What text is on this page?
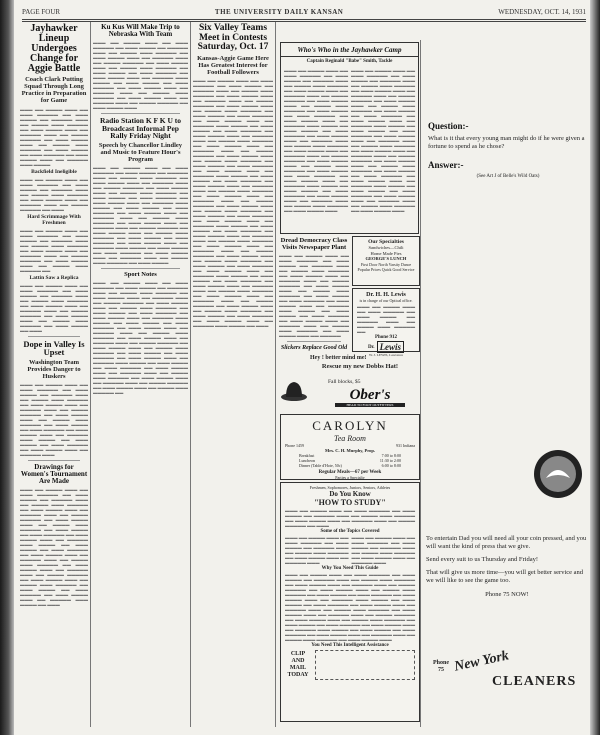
PAGE FOUR	THE UNIVERSITY DAILY KANSAN	WEDNESDAY, OCT. 14, 1931
Jayhawker Lineup Undergoes Change for Aggie Battle
Coach Clark Putting Squad Through Long Practice in Preparation for Game
▬▬▬ ▬▬ ▬▬▬▬ ▬▬▬ ▬▬ ▬▬▬ ▬▬▬▬▬ ▬▬ ▬▬▬ ▬▬▬▬ ▬▬ ▬▬▬▬▬ ▬▬▬ ▬▬ ▬▬▬▬ ▬▬▬ ▬▬▬▬▬ ▬▬ ▬▬▬ ▬▬▬▬ ▬▬▬ ▬▬ ▬▬▬▬▬ ▬▬▬ ▬▬ ▬▬▬▬ ▬▬▬▬▬ ▬▬ ▬▬▬ ▬▬▬▬ ▬▬▬ ▬▬ ▬▬▬▬ ▬▬▬ ▬▬▬▬▬ ▬▬ ▬▬▬ ▬▬▬▬ ▬▬ ▬▬▬ ▬▬▬▬▬ ▬▬ ▬▬▬ ▬▬▬▬ ▬▬▬ ▬▬ ▬▬▬▬▬ ▬▬▬ ▬▬▬▬
Backfield Ineligible
▬▬▬ ▬▬ ▬▬▬▬ ▬▬▬ ▬▬ ▬▬▬ ▬▬▬▬▬ ▬▬ ▬▬▬ ▬▬▬▬ ▬▬ ▬▬▬▬▬ ▬▬▬ ▬▬ ▬▬▬▬ ▬▬▬ ▬▬▬▬▬ ▬▬ ▬▬▬ ▬▬▬▬ ▬▬▬ ▬▬ ▬▬▬▬▬ ▬▬▬ ▬▬ ▬▬▬▬ ▬▬▬▬▬ ▬▬ ▬▬▬
Hard Scrimmage With Freshmen
▬▬▬ ▬▬ ▬▬▬▬ ▬▬▬ ▬▬ ▬▬▬ ▬▬▬▬▬ ▬▬ ▬▬▬ ▬▬▬▬ ▬▬ ▬▬▬▬▬ ▬▬▬ ▬▬ ▬▬▬▬ ▬▬▬ ▬▬▬▬▬ ▬▬ ▬▬▬ ▬▬▬▬ ▬▬▬ ▬▬ ▬▬▬▬▬ ▬▬▬ ▬▬ ▬▬▬▬ ▬▬▬▬▬ ▬▬ ▬▬▬ ▬▬▬▬ ▬▬▬ ▬▬ ▬▬▬▬ ▬▬▬ ▬▬▬▬▬ ▬▬
Lattin Saw a Replica
▬▬▬ ▬▬ ▬▬▬▬ ▬▬▬ ▬▬ ▬▬▬ ▬▬▬▬▬ ▬▬ ▬▬▬ ▬▬▬▬ ▬▬ ▬▬▬▬▬ ▬▬▬ ▬▬ ▬▬▬▬ ▬▬▬ ▬▬▬▬▬ ▬▬ ▬▬▬ ▬▬▬▬ ▬▬▬ ▬▬ ▬▬▬▬▬ ▬▬▬ ▬▬ ▬▬▬▬ ▬▬▬▬▬ ▬▬ ▬▬▬ ▬▬▬▬ ▬▬▬ ▬▬ ▬▬▬▬ ▬▬▬ ▬▬▬▬▬ ▬▬ ▬▬▬ ▬▬▬▬ ▬▬ ▬▬▬
Dope in Valley Is Upset
Washington Team Provides Danger to Huskers
▬▬▬ ▬▬ ▬▬▬▬ ▬▬▬ ▬▬ ▬▬▬ ▬▬▬▬▬ ▬▬ ▬▬▬ ▬▬▬▬ ▬▬ ▬▬▬▬▬ ▬▬▬ ▬▬ ▬▬▬▬ ▬▬▬ ▬▬▬▬▬ ▬▬ ▬▬▬ ▬▬▬▬ ▬▬▬ ▬▬ ▬▬▬▬▬ ▬▬▬ ▬▬ ▬▬▬▬ ▬▬▬▬▬ ▬▬ ▬▬▬ ▬▬▬▬ ▬▬▬ ▬▬ ▬▬▬▬ ▬▬▬ ▬▬▬▬▬ ▬▬ ▬▬▬ ▬▬▬▬ ▬▬ ▬▬▬ ▬▬▬▬▬ ▬▬ ▬▬▬ ▬▬▬▬ ▬▬▬ ▬▬ ▬▬▬▬▬ ▬▬▬ ▬▬▬▬ ▬▬ ▬▬▬ ▬▬▬▬ ▬▬ ▬▬▬ ▬▬▬▬▬ ▬▬ ▬▬▬ ▬▬▬▬ ▬▬▬ ▬▬ ▬▬▬▬▬ ▬▬▬
Drawings for Women's Tournament Are Made
▬▬▬ ▬▬ ▬▬▬▬ ▬▬▬ ▬▬ ▬▬▬ ▬▬▬▬▬ ▬▬ ▬▬▬ ▬▬▬▬ ▬▬ ▬▬▬▬▬ ▬▬▬ ▬▬ ▬▬▬▬ ▬▬▬ ▬▬▬▬▬ ▬▬ ▬▬▬ ▬▬▬▬ ▬▬▬ ▬▬ ▬▬▬▬▬ ▬▬▬ ▬▬ ▬▬▬▬ ▬▬▬▬▬ ▬▬ ▬▬▬ ▬▬▬▬ ▬▬▬ ▬▬ ▬▬▬▬ ▬▬▬ ▬▬▬▬▬ ▬▬ ▬▬▬ ▬▬▬▬ ▬▬ ▬▬▬ ▬▬▬▬▬ ▬▬ ▬▬▬ ▬▬▬▬ ▬▬▬ ▬▬ ▬▬▬▬▬ ▬▬▬ ▬▬▬▬ ▬▬ ▬▬▬ ▬▬▬▬ ▬▬ ▬▬▬ ▬▬▬▬▬ ▬▬ ▬▬▬ ▬▬▬▬ ▬▬▬ ▬▬ ▬▬▬▬▬ ▬▬▬ ▬▬ ▬▬▬▬ ▬▬▬ ▬▬▬▬▬ ▬▬ ▬▬▬ ▬▬▬▬ ▬▬▬ ▬▬ ▬▬▬▬▬ ▬▬▬ ▬▬ ▬▬▬▬ ▬▬▬▬▬ ▬▬ ▬▬▬ ▬▬▬▬ ▬▬▬ ▬▬ ▬▬▬▬ ▬▬▬ ▬▬▬▬▬ ▬▬ ▬▬▬ ▬▬▬▬ ▬▬ ▬▬▬ ▬▬▬▬▬ ▬▬ ▬▬▬ ▬▬▬▬ ▬▬▬ ▬▬ ▬▬▬▬▬ ▬▬▬ ▬▬▬▬ ▬▬ ▬▬▬
Ku Kus Will Make Trip to Nebraska With Team
▬▬▬ ▬▬ ▬▬▬▬ ▬▬▬ ▬▬ ▬▬▬ ▬▬▬▬▬ ▬▬ ▬▬▬ ▬▬▬▬ ▬▬ ▬▬▬▬▬ ▬▬▬ ▬▬ ▬▬▬▬ ▬▬▬ ▬▬▬▬▬ ▬▬ ▬▬▬ ▬▬▬▬ ▬▬▬ ▬▬ ▬▬▬▬▬ ▬▬▬ ▬▬ ▬▬▬▬ ▬▬▬▬▬ ▬▬ ▬▬▬ ▬▬▬▬ ▬▬▬ ▬▬ ▬▬▬▬ ▬▬▬ ▬▬▬▬▬ ▬▬ ▬▬▬ ▬▬▬▬ ▬▬ ▬▬▬ ▬▬▬▬▬ ▬▬ ▬▬▬ ▬▬▬▬ ▬▬▬ ▬▬ ▬▬▬▬▬ ▬▬▬ ▬▬▬▬ ▬▬ ▬▬▬ ▬▬▬▬ ▬▬ ▬▬▬ ▬▬▬▬▬ ▬▬ ▬▬▬ ▬▬▬▬ ▬▬▬ ▬▬ ▬▬▬▬▬ ▬▬▬ ▬▬ ▬▬▬▬ ▬▬▬ ▬▬▬▬▬ ▬▬ ▬▬▬ ▬▬▬▬ ▬▬▬ ▬▬ ▬▬▬▬▬ ▬▬▬ ▬▬ ▬▬▬▬ ▬▬▬▬▬ ▬▬ ▬▬▬ ▬▬▬▬ ▬▬▬
Radio Station K F K U to Broadcast Informal Pep Rally Friday Night
Speech by Chancellor Lindley and Music to Feature Hour's Program
▬▬▬ ▬▬ ▬▬▬▬ ▬▬▬ ▬▬ ▬▬▬ ▬▬▬▬▬ ▬▬ ▬▬▬ ▬▬▬▬ ▬▬ ▬▬▬▬▬ ▬▬▬ ▬▬ ▬▬▬▬ ▬▬▬ ▬▬▬▬▬ ▬▬ ▬▬▬ ▬▬▬▬ ▬▬▬ ▬▬ ▬▬▬▬▬ ▬▬▬ ▬▬ ▬▬▬▬ ▬▬▬▬▬ ▬▬ ▬▬▬ ▬▬▬▬ ▬▬▬ ▬▬ ▬▬▬▬ ▬▬▬ ▬▬▬▬▬ ▬▬ ▬▬▬ ▬▬▬▬ ▬▬ ▬▬▬ ▬▬▬▬▬ ▬▬ ▬▬▬ ▬▬▬▬ ▬▬▬ ▬▬ ▬▬▬▬▬ ▬▬▬ ▬▬▬▬ ▬▬ ▬▬▬ ▬▬▬▬ ▬▬ ▬▬▬ ▬▬▬▬▬ ▬▬ ▬▬▬ ▬▬▬▬ ▬▬▬ ▬▬ ▬▬▬▬▬ ▬▬▬ ▬▬ ▬▬▬▬ ▬▬▬ ▬▬▬▬▬ ▬▬ ▬▬▬ ▬▬▬▬ ▬▬▬ ▬▬ ▬▬▬▬▬ ▬▬▬ ▬▬ ▬▬▬▬ ▬▬▬▬▬ ▬▬ ▬▬▬ ▬▬▬▬ ▬▬▬ ▬▬ ▬▬▬▬ ▬▬▬ ▬▬▬▬▬ ▬▬ ▬▬▬ ▬▬▬▬ ▬▬ ▬▬▬ ▬▬▬▬▬ ▬▬ ▬▬▬ ▬▬▬▬ ▬▬▬ ▬▬ ▬▬▬▬▬ ▬▬▬ ▬▬▬▬ ▬▬ ▬▬▬ ▬▬▬▬ ▬▬ ▬▬▬ ▬▬▬▬▬ ▬▬ ▬▬▬ ▬▬▬▬ ▬▬▬ ▬▬ ▬▬▬▬▬ ▬▬▬ ▬▬ ▬▬▬▬ ▬▬▬ ▬▬▬▬▬ ▬▬ ▬▬▬ ▬▬▬▬
Sport Notes
▬▬▬ ▬▬ ▬▬▬▬ ▬▬▬ ▬▬ ▬▬▬ ▬▬▬▬▬ ▬▬ ▬▬▬ ▬▬▬▬ ▬▬ ▬▬▬▬▬ ▬▬▬ ▬▬ ▬▬▬▬ ▬▬▬ ▬▬▬▬▬ ▬▬ ▬▬▬ ▬▬▬▬ ▬▬▬ ▬▬ ▬▬▬▬▬ ▬▬▬ ▬▬ ▬▬▬▬ ▬▬▬▬▬ ▬▬ ▬▬▬ ▬▬▬▬ ▬▬▬ ▬▬ ▬▬▬▬ ▬▬▬ ▬▬▬▬▬ ▬▬ ▬▬▬ ▬▬▬▬ ▬▬ ▬▬▬ ▬▬▬▬▬ ▬▬ ▬▬▬ ▬▬▬▬ ▬▬▬ ▬▬ ▬▬▬▬▬ ▬▬▬ ▬▬▬▬ ▬▬ ▬▬▬ ▬▬▬▬ ▬▬ ▬▬▬ ▬▬▬▬▬ ▬▬ ▬▬▬ ▬▬▬▬ ▬▬▬ ▬▬ ▬▬▬▬▬ ▬▬▬ ▬▬ ▬▬▬▬ ▬▬▬ ▬▬▬▬▬ ▬▬ ▬▬▬ ▬▬▬▬ ▬▬▬ ▬▬ ▬▬▬▬▬ ▬▬▬ ▬▬ ▬▬▬▬ ▬▬▬▬▬ ▬▬ ▬▬▬ ▬▬▬▬ ▬▬▬ ▬▬ ▬▬▬▬ ▬▬▬ ▬▬▬▬▬ ▬▬ ▬▬▬ ▬▬▬▬ ▬▬ ▬▬▬ ▬▬▬▬▬ ▬▬ ▬▬▬ ▬▬▬▬ ▬▬▬ ▬▬ ▬▬▬▬▬ ▬▬▬ ▬▬▬▬ ▬▬ ▬▬▬ ▬▬▬▬ ▬▬ ▬▬▬ ▬▬▬▬▬ ▬▬ ▬▬▬ ▬▬▬▬ ▬▬▬ ▬▬ ▬▬▬▬▬ ▬▬▬ ▬▬ ▬▬▬▬ ▬▬▬ ▬▬▬▬▬ ▬▬ ▬▬▬ ▬▬▬▬ ▬▬▬ ▬▬ ▬▬▬▬▬ ▬▬▬ ▬▬ ▬▬▬▬ ▬▬▬▬▬ ▬▬ ▬▬▬ ▬▬▬▬ ▬▬▬ ▬▬ ▬▬▬▬ ▬▬▬ ▬▬▬▬▬ ▬▬
Six Valley Teams Meet in Contests Saturday, Oct. 17
Kansas-Aggie Game Here Has Greatest Interest for Football Followers
▬▬▬ ▬▬ ▬▬▬▬ ▬▬▬ ▬▬ ▬▬▬ ▬▬▬▬▬ ▬▬ ▬▬▬ ▬▬▬▬ ▬▬ ▬▬▬▬▬ ▬▬▬ ▬▬ ▬▬▬▬ ▬▬▬ ▬▬▬▬▬ ▬▬ ▬▬▬ ▬▬▬▬ ▬▬▬ ▬▬ ▬▬▬▬▬ ▬▬▬ ▬▬ ▬▬▬▬ ▬▬▬▬▬ ▬▬ ▬▬▬ ▬▬▬▬ ▬▬▬ ▬▬ ▬▬▬▬ ▬▬▬ ▬▬▬▬▬ ▬▬ ▬▬▬ ▬▬▬▬ ▬▬ ▬▬▬ ▬▬▬▬▬ ▬▬ ▬▬▬ ▬▬▬▬ ▬▬▬ ▬▬ ▬▬▬▬▬ ▬▬▬ ▬▬▬▬ ▬▬ ▬▬▬ ▬▬▬▬ ▬▬ ▬▬▬ ▬▬▬▬▬ ▬▬ ▬▬▬ ▬▬▬▬ ▬▬▬ ▬▬ ▬▬▬▬▬ ▬▬▬ ▬▬ ▬▬▬▬ ▬▬▬ ▬▬▬▬▬ ▬▬ ▬▬▬ ▬▬▬▬ ▬▬▬ ▬▬ ▬▬▬▬▬ ▬▬▬ ▬▬ ▬▬▬▬ ▬▬▬▬▬ ▬▬ ▬▬▬ ▬▬▬▬ ▬▬▬ ▬▬ ▬▬▬▬ ▬▬▬ ▬▬▬▬▬ ▬▬ ▬▬▬ ▬▬▬▬ ▬▬ ▬▬▬ ▬▬▬▬▬ ▬▬ ▬▬▬ ▬▬▬▬ ▬▬▬ ▬▬ ▬▬▬▬▬ ▬▬▬ ▬▬▬▬ ▬▬ ▬▬▬ ▬▬▬▬ ▬▬ ▬▬▬ ▬▬▬▬▬ ▬▬ ▬▬▬ ▬▬▬▬ ▬▬▬ ▬▬ ▬▬▬▬▬ ▬▬▬ ▬▬ ▬▬▬▬ ▬▬▬ ▬▬▬▬▬ ▬▬ ▬▬▬ ▬▬▬▬ ▬▬▬ ▬▬ ▬▬▬▬▬ ▬▬▬ ▬▬ ▬▬▬▬ ▬▬▬▬▬ ▬▬ ▬▬▬ ▬▬▬▬ ▬▬▬ ▬▬ ▬▬▬▬ ▬▬▬ ▬▬▬▬▬ ▬▬ ▬▬▬ ▬▬▬▬ ▬▬ ▬▬▬ ▬▬▬▬▬ ▬▬ ▬▬▬ ▬▬▬▬ ▬▬▬ ▬▬ ▬▬▬▬▬ ▬▬▬ ▬▬▬▬ ▬▬ ▬▬▬ ▬▬▬▬ ▬▬ ▬▬▬ ▬▬▬▬▬ ▬▬ ▬▬▬ ▬▬▬▬ ▬▬▬ ▬▬ ▬▬▬▬▬ ▬▬▬ ▬▬ ▬▬▬▬ ▬▬▬ ▬▬▬▬▬ ▬▬ ▬▬▬ ▬▬▬▬ ▬▬▬ ▬▬ ▬▬▬▬▬ ▬▬▬ ▬▬ ▬▬▬▬ ▬▬▬▬▬ ▬▬ ▬▬▬ ▬▬▬▬ ▬▬▬ ▬▬ ▬▬▬▬ ▬▬▬ ▬▬▬▬▬ ▬▬ ▬▬▬ ▬▬▬▬ ▬▬ ▬▬▬ ▬▬▬▬▬ ▬▬ ▬▬▬ ▬▬▬▬ ▬▬▬ ▬▬ ▬▬▬▬▬ ▬▬▬ ▬▬▬▬ ▬▬ ▬▬▬ ▬▬▬▬ ▬▬ ▬▬▬ ▬▬▬▬▬ ▬▬ ▬▬▬ ▬▬▬▬ ▬▬▬ ▬▬ ▬▬▬▬▬ ▬▬▬ ▬▬ ▬▬▬▬ ▬▬▬ ▬▬▬▬▬ ▬▬ ▬▬▬ ▬▬▬▬ ▬▬▬ ▬▬ ▬▬▬▬▬ ▬▬▬ ▬▬ ▬▬▬▬ ▬▬▬▬▬ ▬▬ ▬▬▬ ▬▬▬▬ ▬▬▬ ▬▬ ▬▬▬▬ ▬▬▬ ▬▬▬▬▬ ▬▬ ▬▬▬ ▬▬▬▬ ▬▬ ▬▬▬ ▬▬▬▬▬ ▬▬ ▬▬▬ ▬▬▬▬ ▬▬▬ ▬▬ ▬▬▬▬▬ ▬▬▬ ▬▬▬▬ ▬▬ ▬▬▬
Who's Who in the Jayhawker Camp
Captain Reginald "Babe" Smith, Tackle
▬▬▬ ▬▬ ▬▬▬▬ ▬▬▬ ▬▬ ▬▬▬ ▬▬▬▬▬ ▬▬ ▬▬▬ ▬▬▬▬ ▬▬ ▬▬▬▬▬ ▬▬▬ ▬▬ ▬▬▬▬ ▬▬▬ ▬▬▬▬▬ ▬▬ ▬▬▬ ▬▬▬▬ ▬▬▬ ▬▬ ▬▬▬▬▬ ▬▬▬ ▬▬ ▬▬▬▬ ▬▬▬▬▬ ▬▬ ▬▬▬ ▬▬▬▬ ▬▬▬ ▬▬ ▬▬▬▬ ▬▬▬ ▬▬▬▬▬ ▬▬ ▬▬▬ ▬▬▬▬ ▬▬ ▬▬▬ ▬▬▬▬▬ ▬▬ ▬▬▬ ▬▬▬▬ ▬▬▬ ▬▬ ▬▬▬▬▬ ▬▬▬ ▬▬▬▬ ▬▬ ▬▬▬ ▬▬▬▬ ▬▬ ▬▬▬ ▬▬▬▬▬ ▬▬ ▬▬▬ ▬▬▬▬ ▬▬▬ ▬▬ ▬▬▬▬▬ ▬▬▬ ▬▬ ▬▬▬▬ ▬▬▬ ▬▬▬▬▬ ▬▬ ▬▬▬ ▬▬▬▬ ▬▬▬ ▬▬ ▬▬▬▬▬ ▬▬▬ ▬▬ ▬▬▬▬ ▬▬▬▬▬ ▬▬ ▬▬▬ ▬▬▬▬ ▬▬▬ ▬▬ ▬▬▬▬ ▬▬▬ ▬▬▬▬▬ ▬▬ ▬▬▬ ▬▬▬▬ ▬▬ ▬▬▬ ▬▬▬▬▬ ▬▬ ▬▬▬ ▬▬▬▬ ▬▬▬ ▬▬ ▬▬▬▬▬ ▬▬▬ ▬▬▬▬ ▬▬ ▬▬▬ ▬▬▬▬ ▬▬ ▬▬▬ ▬▬▬▬▬ ▬▬ ▬▬▬ ▬▬▬▬ ▬▬▬ ▬▬ ▬▬▬▬▬ ▬▬▬ ▬▬ ▬▬▬▬ ▬▬▬ ▬▬▬▬▬ ▬▬ ▬▬▬ ▬▬▬▬ ▬▬▬
▬▬▬ ▬▬ ▬▬▬▬ ▬▬▬ ▬▬ ▬▬▬ ▬▬▬▬▬ ▬▬ ▬▬▬ ▬▬▬▬ ▬▬ ▬▬▬▬▬ ▬▬▬ ▬▬ ▬▬▬▬ ▬▬▬ ▬▬▬▬▬ ▬▬ ▬▬▬ ▬▬▬▬ ▬▬▬ ▬▬ ▬▬▬▬▬ ▬▬▬ ▬▬ ▬▬▬▬ ▬▬▬▬▬ ▬▬ ▬▬▬ ▬▬▬▬ ▬▬▬ ▬▬ ▬▬▬▬ ▬▬▬ ▬▬▬▬▬ ▬▬ ▬▬▬ ▬▬▬▬ ▬▬ ▬▬▬ ▬▬▬▬▬ ▬▬ ▬▬▬ ▬▬▬▬ ▬▬▬ ▬▬ ▬▬▬▬▬ ▬▬▬ ▬▬▬▬ ▬▬ ▬▬▬ ▬▬▬▬ ▬▬ ▬▬▬ ▬▬▬▬▬ ▬▬ ▬▬▬ ▬▬▬▬ ▬▬▬ ▬▬ ▬▬▬▬▬ ▬▬▬ ▬▬ ▬▬▬▬ ▬▬▬ ▬▬▬▬▬ ▬▬ ▬▬▬ ▬▬▬▬ ▬▬▬ ▬▬ ▬▬▬▬▬ ▬▬▬ ▬▬ ▬▬▬▬ ▬▬▬▬▬ ▬▬ ▬▬▬ ▬▬▬▬ ▬▬▬ ▬▬ ▬▬▬▬ ▬▬▬ ▬▬▬▬▬ ▬▬ ▬▬▬ ▬▬▬▬ ▬▬ ▬▬▬ ▬▬▬▬▬ ▬▬ ▬▬▬ ▬▬▬▬ ▬▬▬ ▬▬ ▬▬▬▬▬ ▬▬▬ ▬▬▬▬ ▬▬ ▬▬▬ ▬▬▬▬ ▬▬ ▬▬▬ ▬▬▬▬▬ ▬▬ ▬▬▬ ▬▬▬▬ ▬▬▬ ▬▬ ▬▬▬▬▬ ▬▬▬ ▬▬ ▬▬▬▬ ▬▬▬ ▬▬▬▬▬ ▬▬ ▬▬▬ ▬▬▬▬ ▬▬▬
Dread Democracy Class Visits Newspaper Plant
▬▬▬ ▬▬ ▬▬▬▬ ▬▬▬ ▬▬ ▬▬▬ ▬▬▬▬▬ ▬▬ ▬▬▬ ▬▬▬▬ ▬▬ ▬▬▬▬▬ ▬▬▬ ▬▬ ▬▬▬▬ ▬▬▬ ▬▬▬▬▬ ▬▬ ▬▬▬ ▬▬▬▬ ▬▬▬ ▬▬ ▬▬▬▬▬ ▬▬▬ ▬▬ ▬▬▬▬ ▬▬▬▬▬ ▬▬ ▬▬▬ ▬▬▬▬ ▬▬▬ ▬▬ ▬▬▬▬ ▬▬▬ ▬▬▬▬▬ ▬▬ ▬▬▬ ▬▬▬▬ ▬▬ ▬▬▬ ▬▬▬▬▬ ▬▬ ▬▬▬ ▬▬▬▬ ▬▬▬ ▬▬ ▬▬▬▬▬ ▬▬▬ ▬▬▬▬ ▬▬ ▬▬▬ ▬▬▬▬ ▬▬ ▬▬▬ ▬▬▬▬▬ ▬▬ ▬▬▬ ▬▬▬▬ ▬▬▬ ▬▬ ▬▬▬▬▬ ▬▬▬ ▬▬ ▬▬▬▬ ▬▬▬ ▬▬▬▬▬ ▬▬ ▬▬▬ ▬▬▬▬ ▬▬▬ ▬▬ ▬▬▬▬▬
Slickers Replace Good Old
Our Specialties
Sandwiches—Chili
Home Made Pies
GEORGE'S LUNCH
First Door North Varsity Dance
Popular Prices Quick Good Service
Dr. H. H. Lewis
is in charge of our Optical office.
▬▬▬ ▬▬ ▬▬▬▬ ▬▬▬ ▬▬ ▬▬▬ ▬▬▬▬▬ ▬▬ ▬▬▬ ▬▬▬▬ ▬▬ ▬▬▬▬▬ ▬▬▬ ▬▬ ▬▬▬▬ ▬▬▬ ▬▬▬▬▬ ▬▬
Phone 912
Dr. Lewis
W. J. LEWIS, Lawrence
Hey ! better mind me!
Rescue my new Dobbs Hat!
Fall blocks, $5
Ober's
HEAD TO FOOT OUTFITTERS
CAROLYN
Tea Room
Phone 1459	931 Indiana
Mrs. C. H. Murphy, Prop.
Breakfast	7:00 to 8:00
Luncheon	11:30 to 2:00
Dinner (Table d'Hote, 50c)	6:00 to 8:00
Regular Meals—67 per Week
Parties a Specialty
Freshmen, Sophomores, Juniors, Seniors, Athletes
Do You Know
"HOW TO STUDY"
▬▬▬ ▬▬ ▬▬▬▬ ▬▬▬ ▬▬ ▬▬▬ ▬▬▬▬▬ ▬▬ ▬▬▬ ▬▬▬▬ ▬▬ ▬▬▬▬▬ ▬▬▬ ▬▬ ▬▬▬▬ ▬▬▬ ▬▬▬▬▬ ▬▬ ▬▬▬ ▬▬▬▬ ▬▬▬ ▬▬ ▬▬▬▬▬ ▬▬▬ ▬▬ ▬▬▬▬ ▬▬▬▬▬ ▬▬ ▬▬▬
Some of the Topics Covered
▬▬▬ ▬▬ ▬▬▬▬ ▬▬▬ ▬▬ ▬▬▬ ▬▬▬▬▬ ▬▬ ▬▬▬ ▬▬▬▬ ▬▬ ▬▬▬▬▬ ▬▬▬ ▬▬ ▬▬▬▬ ▬▬▬ ▬▬▬▬▬ ▬▬ ▬▬▬ ▬▬▬▬ ▬▬▬ ▬▬ ▬▬▬▬▬ ▬▬▬
▬▬▬ ▬▬ ▬▬▬▬ ▬▬▬ ▬▬ ▬▬▬ ▬▬▬▬▬ ▬▬ ▬▬▬ ▬▬▬▬ ▬▬ ▬▬▬▬▬ ▬▬▬ ▬▬ ▬▬▬▬ ▬▬▬ ▬▬▬▬▬ ▬▬ ▬▬▬ ▬▬▬▬ ▬▬▬ ▬▬ ▬▬▬▬▬ ▬▬▬
Why You Need This Guide
▬▬▬ ▬▬ ▬▬▬▬ ▬▬▬ ▬▬ ▬▬▬ ▬▬▬▬▬ ▬▬ ▬▬▬ ▬▬▬▬ ▬▬ ▬▬▬▬▬ ▬▬▬ ▬▬ ▬▬▬▬ ▬▬▬ ▬▬▬▬▬ ▬▬ ▬▬▬ ▬▬▬▬ ▬▬▬ ▬▬ ▬▬▬▬▬ ▬▬▬ ▬▬ ▬▬▬▬ ▬▬▬▬▬ ▬▬ ▬▬▬ ▬▬▬▬ ▬▬▬ ▬▬ ▬▬▬▬ ▬▬▬ ▬▬▬▬▬ ▬▬ ▬▬▬ ▬▬▬▬ ▬▬ ▬▬▬ ▬▬▬▬▬ ▬▬ ▬▬▬ ▬▬▬▬ ▬▬▬ ▬▬ ▬▬▬▬▬ ▬▬▬ ▬▬▬▬ ▬▬ ▬▬▬ ▬▬▬▬ ▬▬ ▬▬▬ ▬▬▬▬▬ ▬▬ ▬▬▬ ▬▬▬▬ ▬▬▬ ▬▬ ▬▬▬▬▬ ▬▬▬ ▬▬ ▬▬▬▬ ▬▬▬ ▬▬▬▬▬ ▬▬ ▬▬▬ ▬▬▬▬ ▬▬▬ ▬▬ ▬▬▬▬▬ ▬▬▬ ▬▬ ▬▬▬▬ ▬▬▬▬▬ ▬▬ ▬▬▬ ▬▬▬▬ ▬▬▬ ▬▬ ▬▬▬▬ ▬▬▬ ▬▬▬▬▬ ▬▬ ▬▬▬ ▬▬▬▬ ▬▬ ▬▬▬ ▬▬▬▬▬ ▬▬ ▬▬▬ ▬▬▬▬ ▬▬▬ ▬▬ ▬▬▬▬▬ ▬▬▬ ▬▬▬▬ ▬▬ ▬▬▬ ▬▬▬▬ ▬▬ ▬▬▬ ▬▬▬▬▬ ▬▬ ▬▬▬ ▬▬▬▬ ▬▬▬ ▬▬ ▬▬▬▬▬ ▬▬▬ ▬▬ ▬▬▬▬ ▬▬▬ ▬▬▬▬▬ ▬▬ ▬▬▬ ▬▬▬▬ ▬▬▬
You Need This Intelligent Assistance
CLIP AND MAIL TODAY
Question:-
What is it that every young man might do if he were given a fortune to spend as he chose?
Answer:-
(See Art J of Belle's Wild Oats)
To entertain Dad you will need all your coin pressed, and you will want the kind of press that we give.
Send every suit to us Thursday and Friday!
That will give us more time—you will get better service and we will like to see the game too.
Phone 75 NOW!
Phone 75 New York
CLEANERS
